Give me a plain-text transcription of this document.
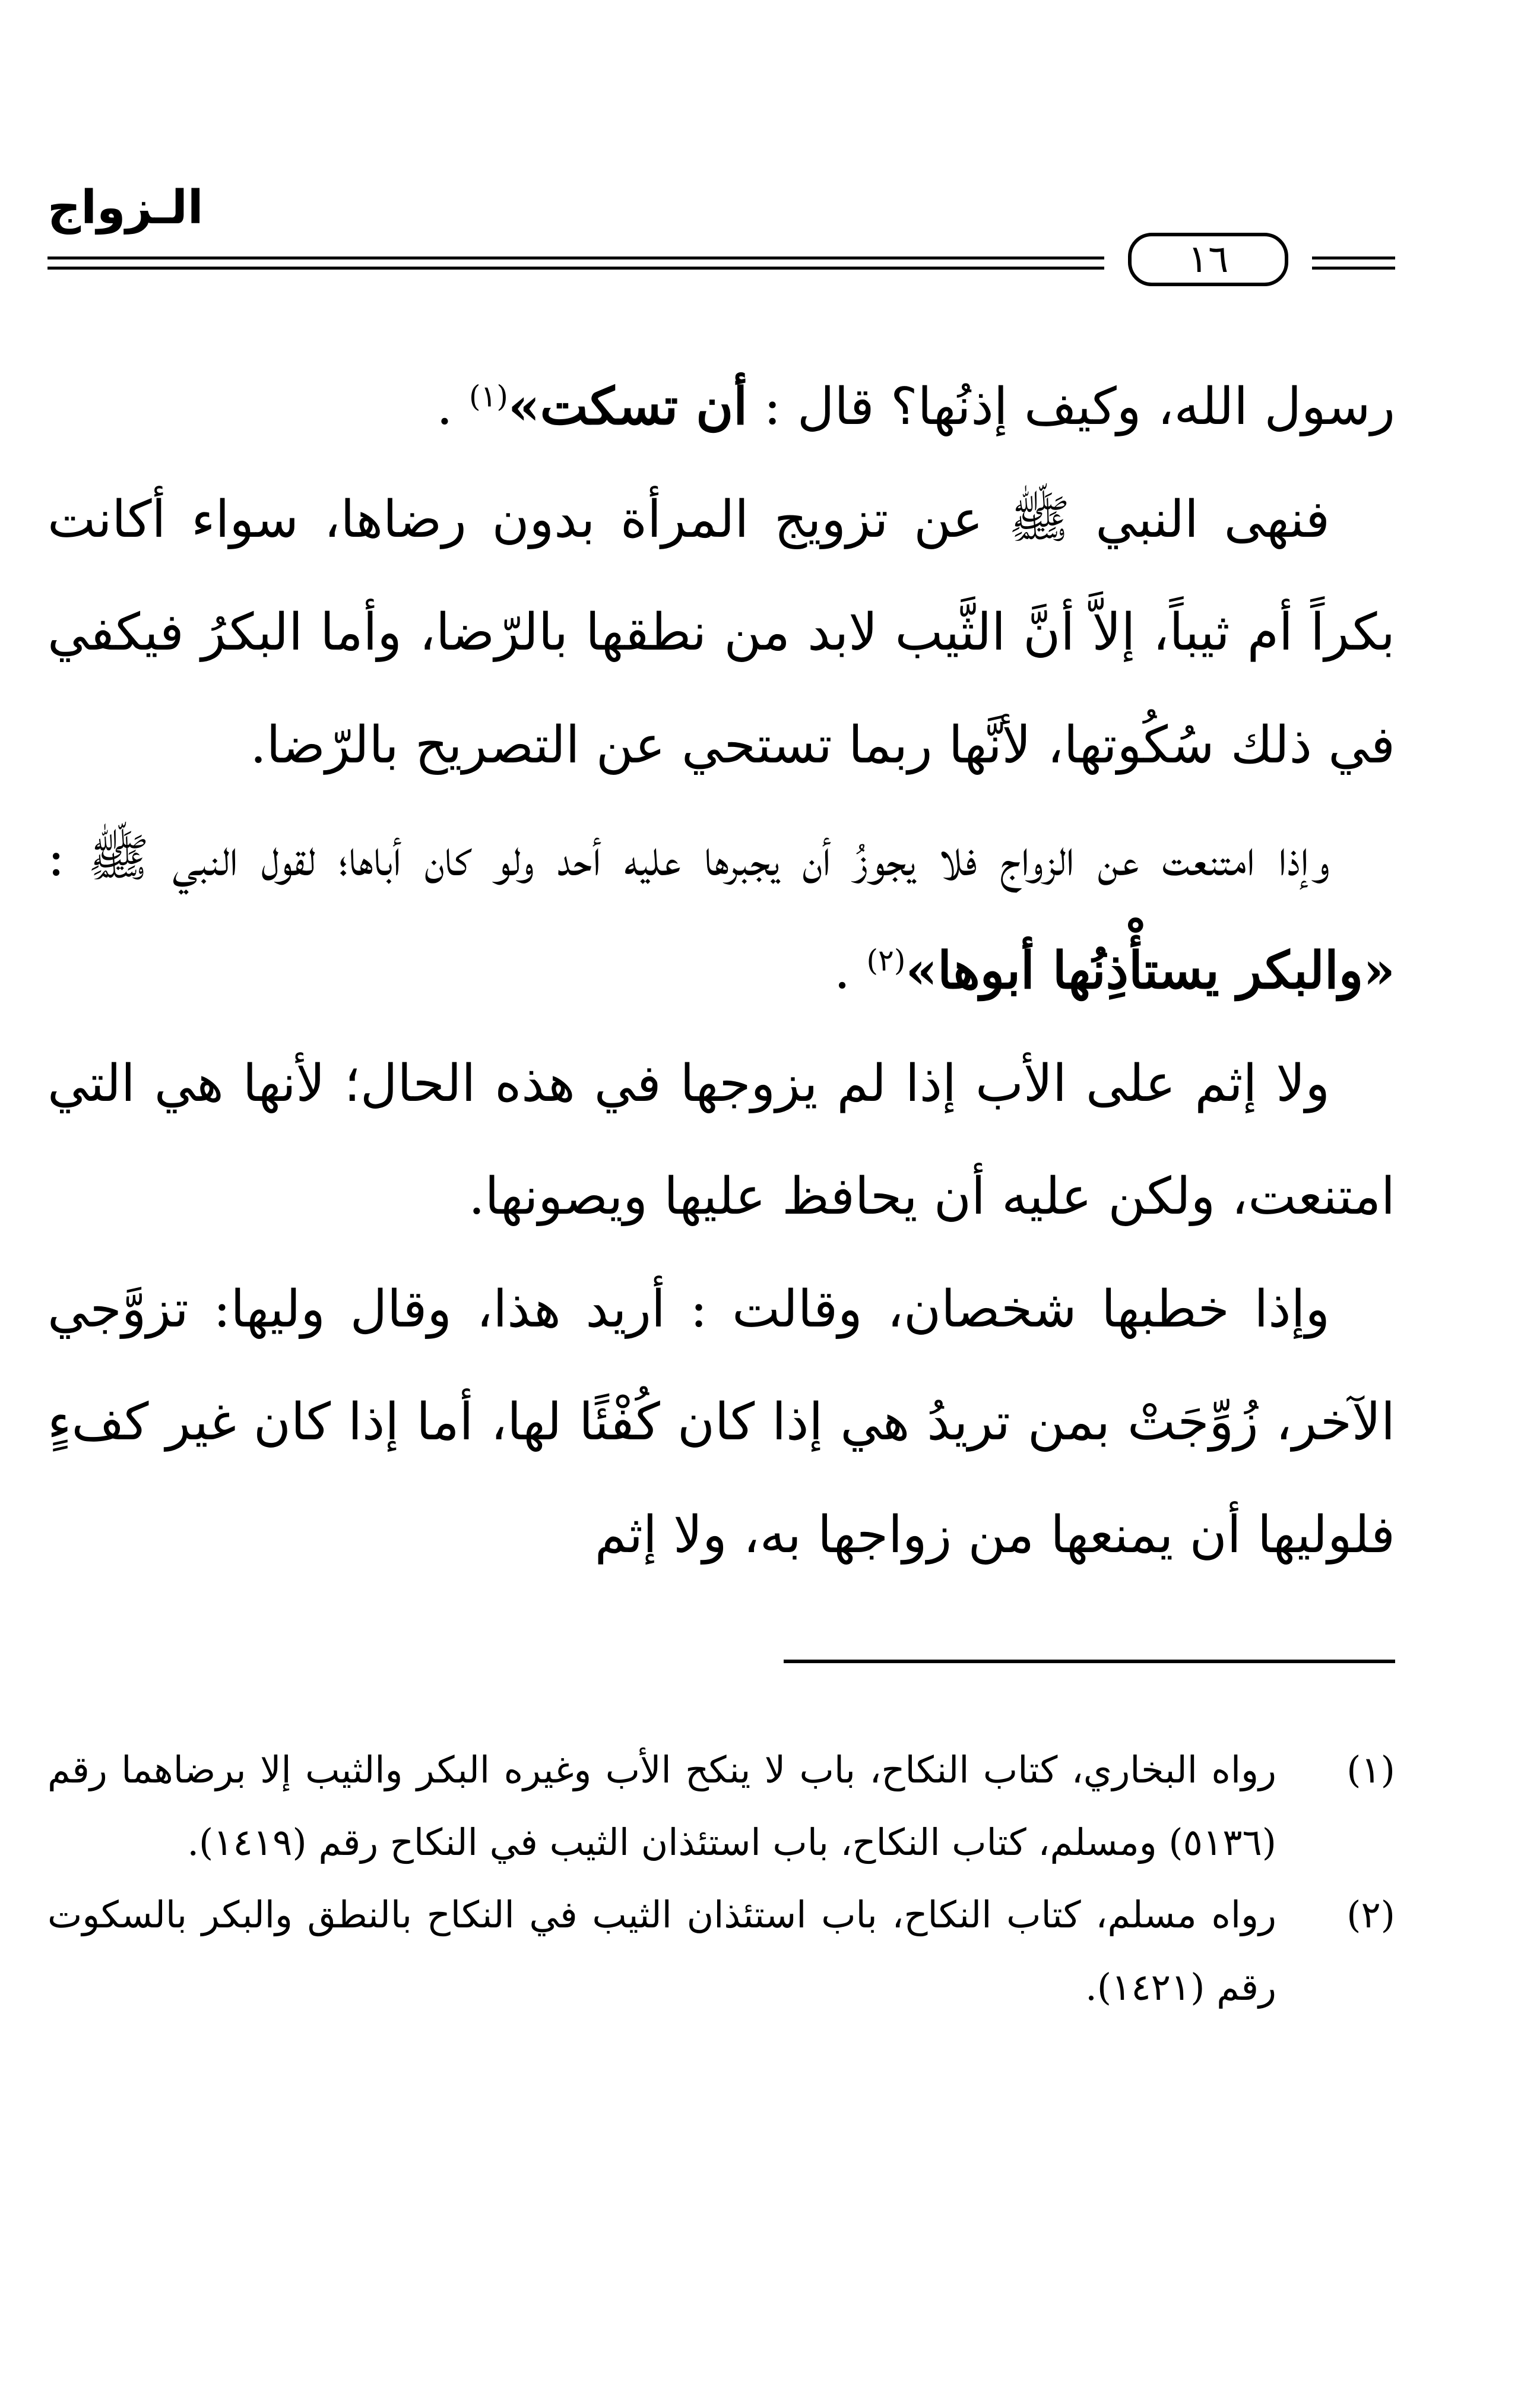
الـزواج
١٦

رسول الله، وكيف إذنُها؟ قال : أن تسكت»$^{(١)}$ .

فنهى النبي ﷺ عن تزويج المرأة بدون رضاها، سواء أكانت بكراً أم ثيباً، إلاَّ أنَّ الثَّيب لابد من نطقها بالرّضا، وأما البكرُ فيكفي في ذلك سُكُوتها، لأنَّها ربما تستحي عن التصريح بالرّضا.

وإذا امتنعت عن الزواج فلا يجوزُ أن يجبرها عليه أحد ولو كان أباها؛ لقول النبي ﷺ : «والبكر يستأْذِنُها أبوها»$^{(٢)}$ .

ولا إثم على الأب إذا لم يزوجها في هذه الحال؛ لأنها هي التي امتنعت، ولكن عليه أن يحافظ عليها ويصونها.

وإذا خطبها شخصان، وقالت : أريد هذا، وقال وليها: تزوَّجي الآخر، زُوِّجَتْ بمن تريدُ هي إذا كان كُفْئًا لها، أما إذا كان غير كفءٍ فلوليها أن يمنعها من زواجها به، ولا إثم

(١)
رواه البخاري، كتاب النكاح، باب لا ينكح الأب وغيره البكر والثيب إلا برضاهما رقم (٥١٣٦) ومسلم، كتاب النكاح، باب استئذان الثيب في النكاح رقم (١٤١٩).
(٢)
رواه مسلم، كتاب النكاح، باب استئذان الثيب في النكاح بالنطق والبكر بالسكوت رقم (١٤٢١).
